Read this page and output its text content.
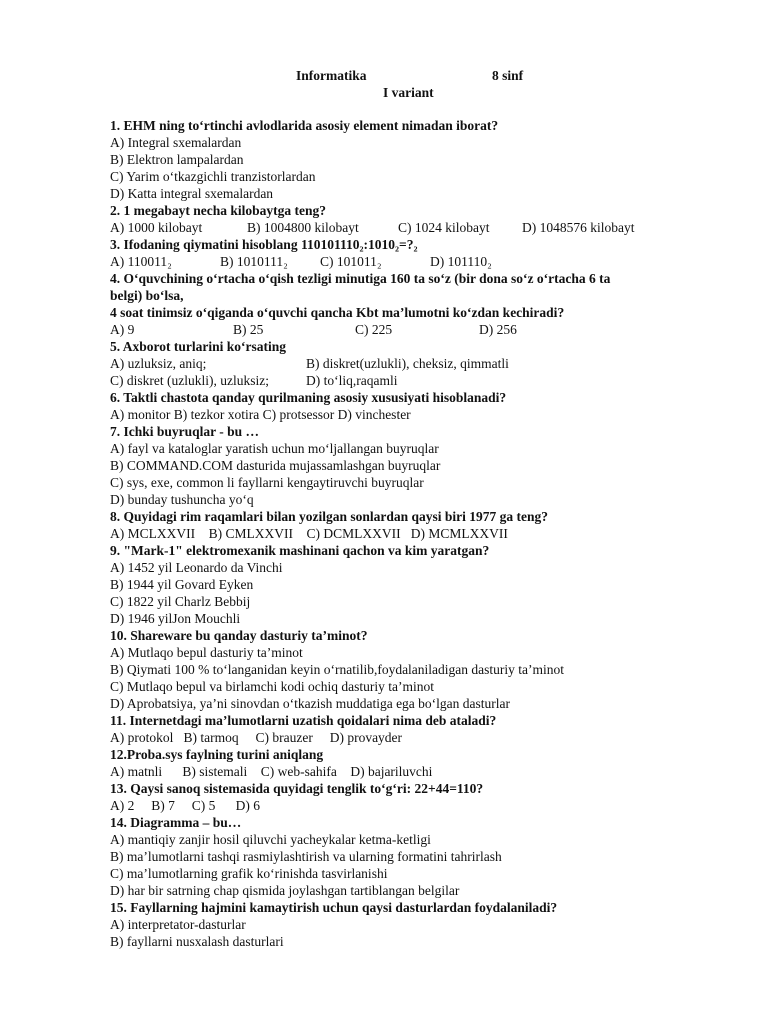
Informatika	8 sinf
I variant
1. EHM ning to‘rtinchi avlodlarida asosiy element nimadan iborat?
A) Integral sxemalardan
B) Elektron lampalardan
C) Yarim o‘tkazgichli tranzistorlardan
D) Katta integral sxemalardan
2. 1 megabayt necha kilobaytga teng?
A) 1000 kilobayt	B) 1004800 kilobayt	C) 1024 kilobayt D) 1048576 kilobayt
3. Ifodaning qiymatini hisoblang 110101110₂:1010₂=?₂
A) 110011₂	B) 1010111₂ C) 101011₂	D) 101110₂
4. O‘quvchining o‘rtacha o‘qish tezligi minutiga 160 ta so‘z (bir dona so‘z o‘rtacha 6 ta
belgi) bo‘lsa,
4 soat tinimsiz o‘qiganda o‘quvchi qancha Kbt ma’lumotni ko‘zdan kechiradi?
A) 9	B) 25	C) 225	D) 256
5. Axborot turlarini ko‘rsating
A) uzluksiz, aniq;	B) diskret(uzlukli), cheksiz, qimmatli
C) diskret (uzlukli), uzluksiz;	D) to‘liq,raqamli
6. Taktli chastota qanday qurilmaning asosiy xususiyati hisoblanadi?
A) monitor B) tezkor xotira C) protsessor D) vinchester
7. Ichki buyruqlar - bu …
A) fayl va kataloglar yaratish uchun mo‘ljallangan buyruqlar
B) COMMAND.COM dasturida mujassamlashgan buyruqlar
C) sys, exe, common li fayllarni kengaytiruvchi buyruqlar
D) bunday tushuncha yo‘q
8. Quyidagi rim raqamlari bilan yozilgan sonlardan qaysi biri 1977 ga teng?
A) MCLXXVII    B) CMLXXVII    C) DCMLXXVII   D) MCMLXXVII
9. "Mark-1" elektromexanik mashinani qachon va kim yaratgan?
A) 1452 yil Leonardo da Vinchi
B) 1944 yil Govard Eyken
C) 1822 yil Charlz Bebbij
D) 1946 yilJon Mouchli
10. Shareware bu qanday dasturiy ta’minot?
A) Mutlaqo bepul dasturiy ta’minot
B) Qiymati 100 % to‘langanidan keyin o‘rnatilib,foydalaniladigan dasturiy ta’minot
C) Mutlaqo bepul va birlamchi kodi ochiq dasturiy ta’minot
D) Aprobatsiya, ya’ni sinovdan o‘tkazish muddatiga ega bo‘lgan dasturlar
11. Internetdagi ma’lumotlarni uzatish qoidalari nima deb ataladi?
A) protokol   B) tarmoq     C) brauzer     D) provayder
12.Proba.sys faylning turini aniqlang
A) matnli      B) sistemali    C) web-sahifa    D) bajariluvchi
13. Qaysi sanoq sistemasida quyidagi tenglik to‘g‘ri: 22+44=110?
A) 2     B) 7     C) 5      D) 6
14. Diagramma – bu…
A) mantiqiy zanjir hosil qiluvchi yacheykalar ketma-ketligi
B) ma’lumotlarni tashqi rasmiylashtirish va ularning formatini tahrirlash
C) ma’lumotlarning grafik ko‘rinishda tasvirlanishi
D) har bir satrning chap qismida joylashgan tartiblangan belgilar
15. Fayllarning hajmini kamaytirish uchun qaysi dasturlardan foydalaniladi?
A) interpretator-dasturlar
B) fayllarni nusxalash dasturlari
